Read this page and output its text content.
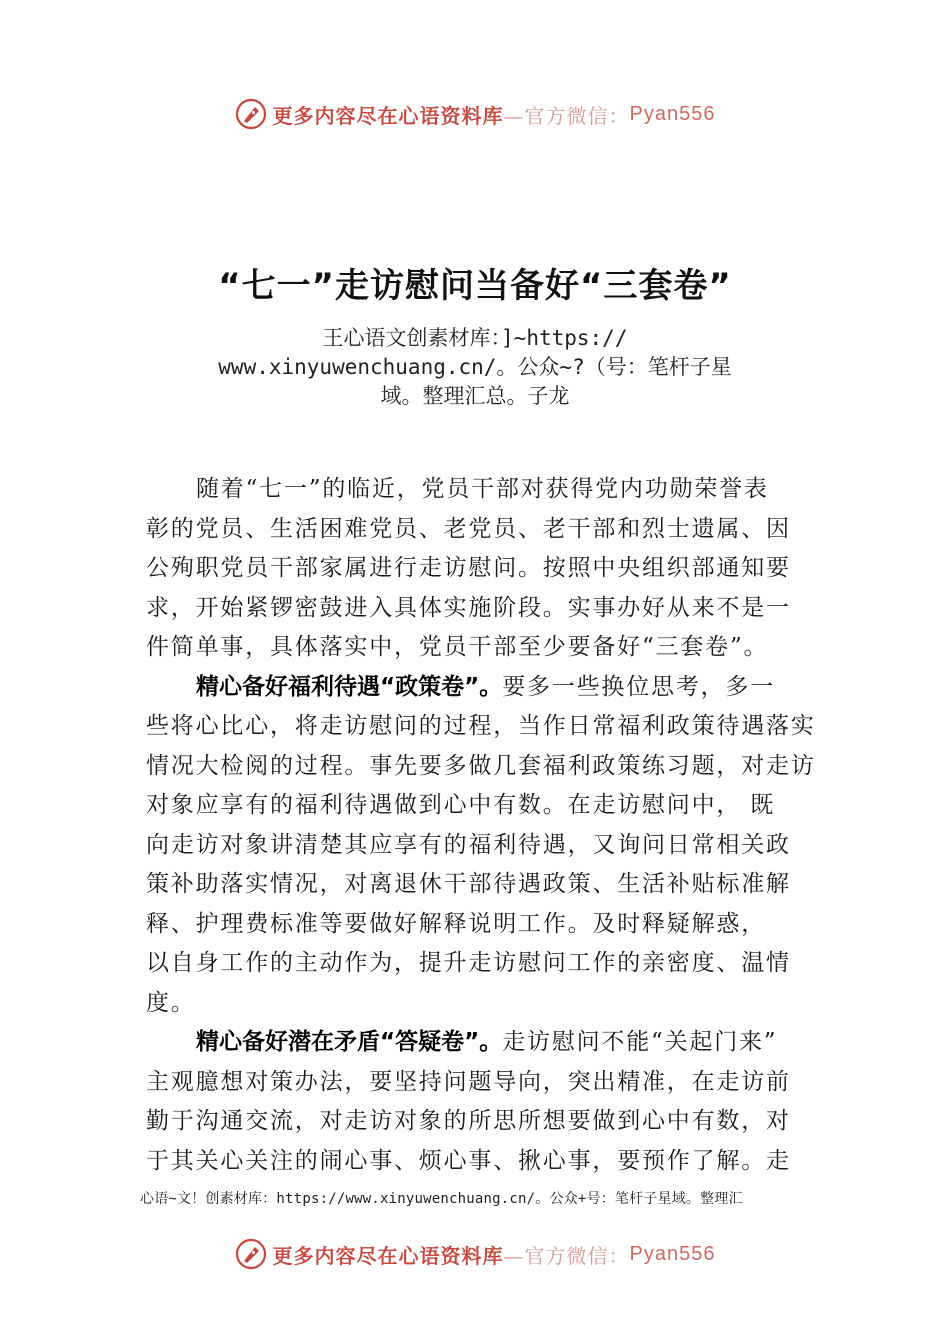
更多内容尽在心语资料库 —官方微信： Pyan556
“七一”走访慰问当备好“三套卷”
王心语文创素材库：]~https://
www.xinyuwenchuang.cn/。公众~?（号：笔杆子星
域。整理汇总。子龙
随着“七一”的临近，党员干部对获得党内功勋荣誉表
彰的党员、生活困难党员、老党员、老干部和烈士遗属、因
公殉职党员干部家属进行走访慰问。按照中央组织部通知要
求，开始紧锣密鼓进入具体实施阶段。实事办好从来不是一
件简单事，具体落实中，党员干部至少要备好“三套卷”。
精心备好福利待遇“政策卷”。要多一些换位思考，多一
些将心比心，将走访慰问的过程，当作日常福利政策待遇落实
情况大检阅的过程。事先要多做几套福利政策练习题，对走访
对象应享有的福利待遇做到心中有数。在走访慰问中， 既
向走访对象讲清楚其应享有的福利待遇，又询问日常相关政
策补助落实情况，对离退休干部待遇政策、生活补贴标准解
释、护理费标准等要做好解释说明工作。及时释疑解惑，
以自身工作的主动作为，提升走访慰问工作的亲密度、温情
度。
精心备好潜在矛盾“答疑卷”。走访慰问不能“关起门来”
主观臆想对策办法，要坚持问题导向，突出精准，在走访前
勤于沟通交流，对走访对象的所思所想要做到心中有数，对
于其关心关注的闹心事、烦心事、揪心事，要预作了解。走
心语~文！创素材库：https://www.xinyuwenchuang.cn/。公众+号：笔杆子星域。整理汇
更多内容尽在心语资料库 —官方微信： Pyan556
